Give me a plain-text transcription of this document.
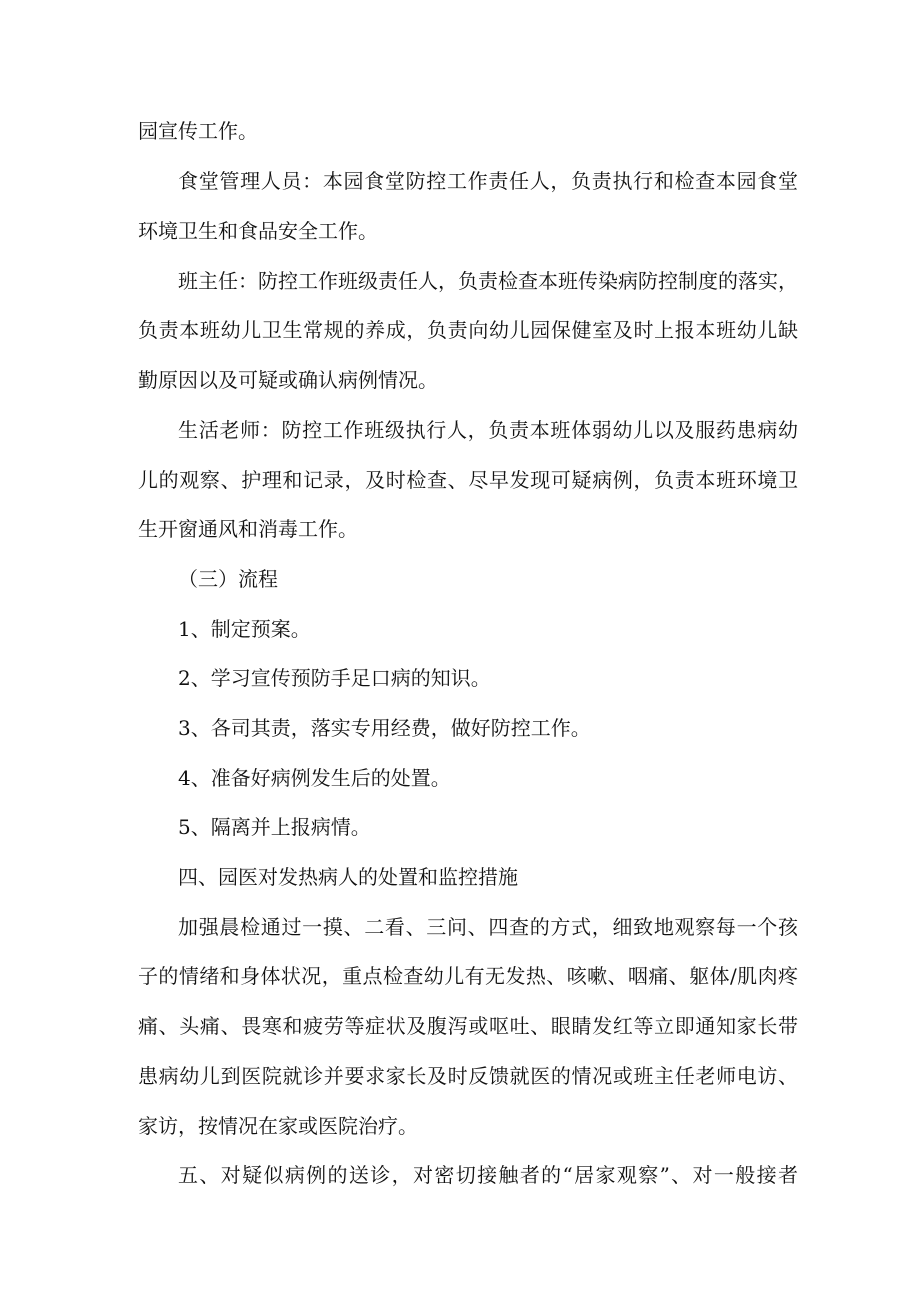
园宣传工作。
食堂管理人员：本园食堂防控工作责任人，负责执行和检查本园食堂
环境卫生和食品安全工作。
班主任：防控工作班级责任人，负责检查本班传染病防控制度的落实，
负责本班幼儿卫生常规的养成，负责向幼儿园保健室及时上报本班幼儿缺
勤原因以及可疑或确认病例情况。
生活老师：防控工作班级执行人，负责本班体弱幼儿以及服药患病幼
儿的观察、护理和记录，及时检查、尽早发现可疑病例，负责本班环境卫
生开窗通风和消毒工作。
（三）流程
1、制定预案。
2、学习宣传预防手足口病的知识。
3、各司其责，落实专用经费，做好防控工作。
4、准备好病例发生后的处置。
5、隔离并上报病情。
四、园医对发热病人的处置和监控措施
加强晨检通过一摸、二看、三问、四查的方式，细致地观察每一个孩
子的情绪和身体状况，重点检查幼儿有无发热、咳嗽、咽痛、躯体/肌肉疼
痛、头痛、畏寒和疲劳等症状及腹泻或呕吐、眼睛发红等立即通知家长带
患病幼儿到医院就诊并要求家长及时反馈就医的情况或班主任老师电访、
家访，按情况在家或医院治疗。
五、对疑似病例的送诊，对密切接触者的“居家观察”、对一般接者
